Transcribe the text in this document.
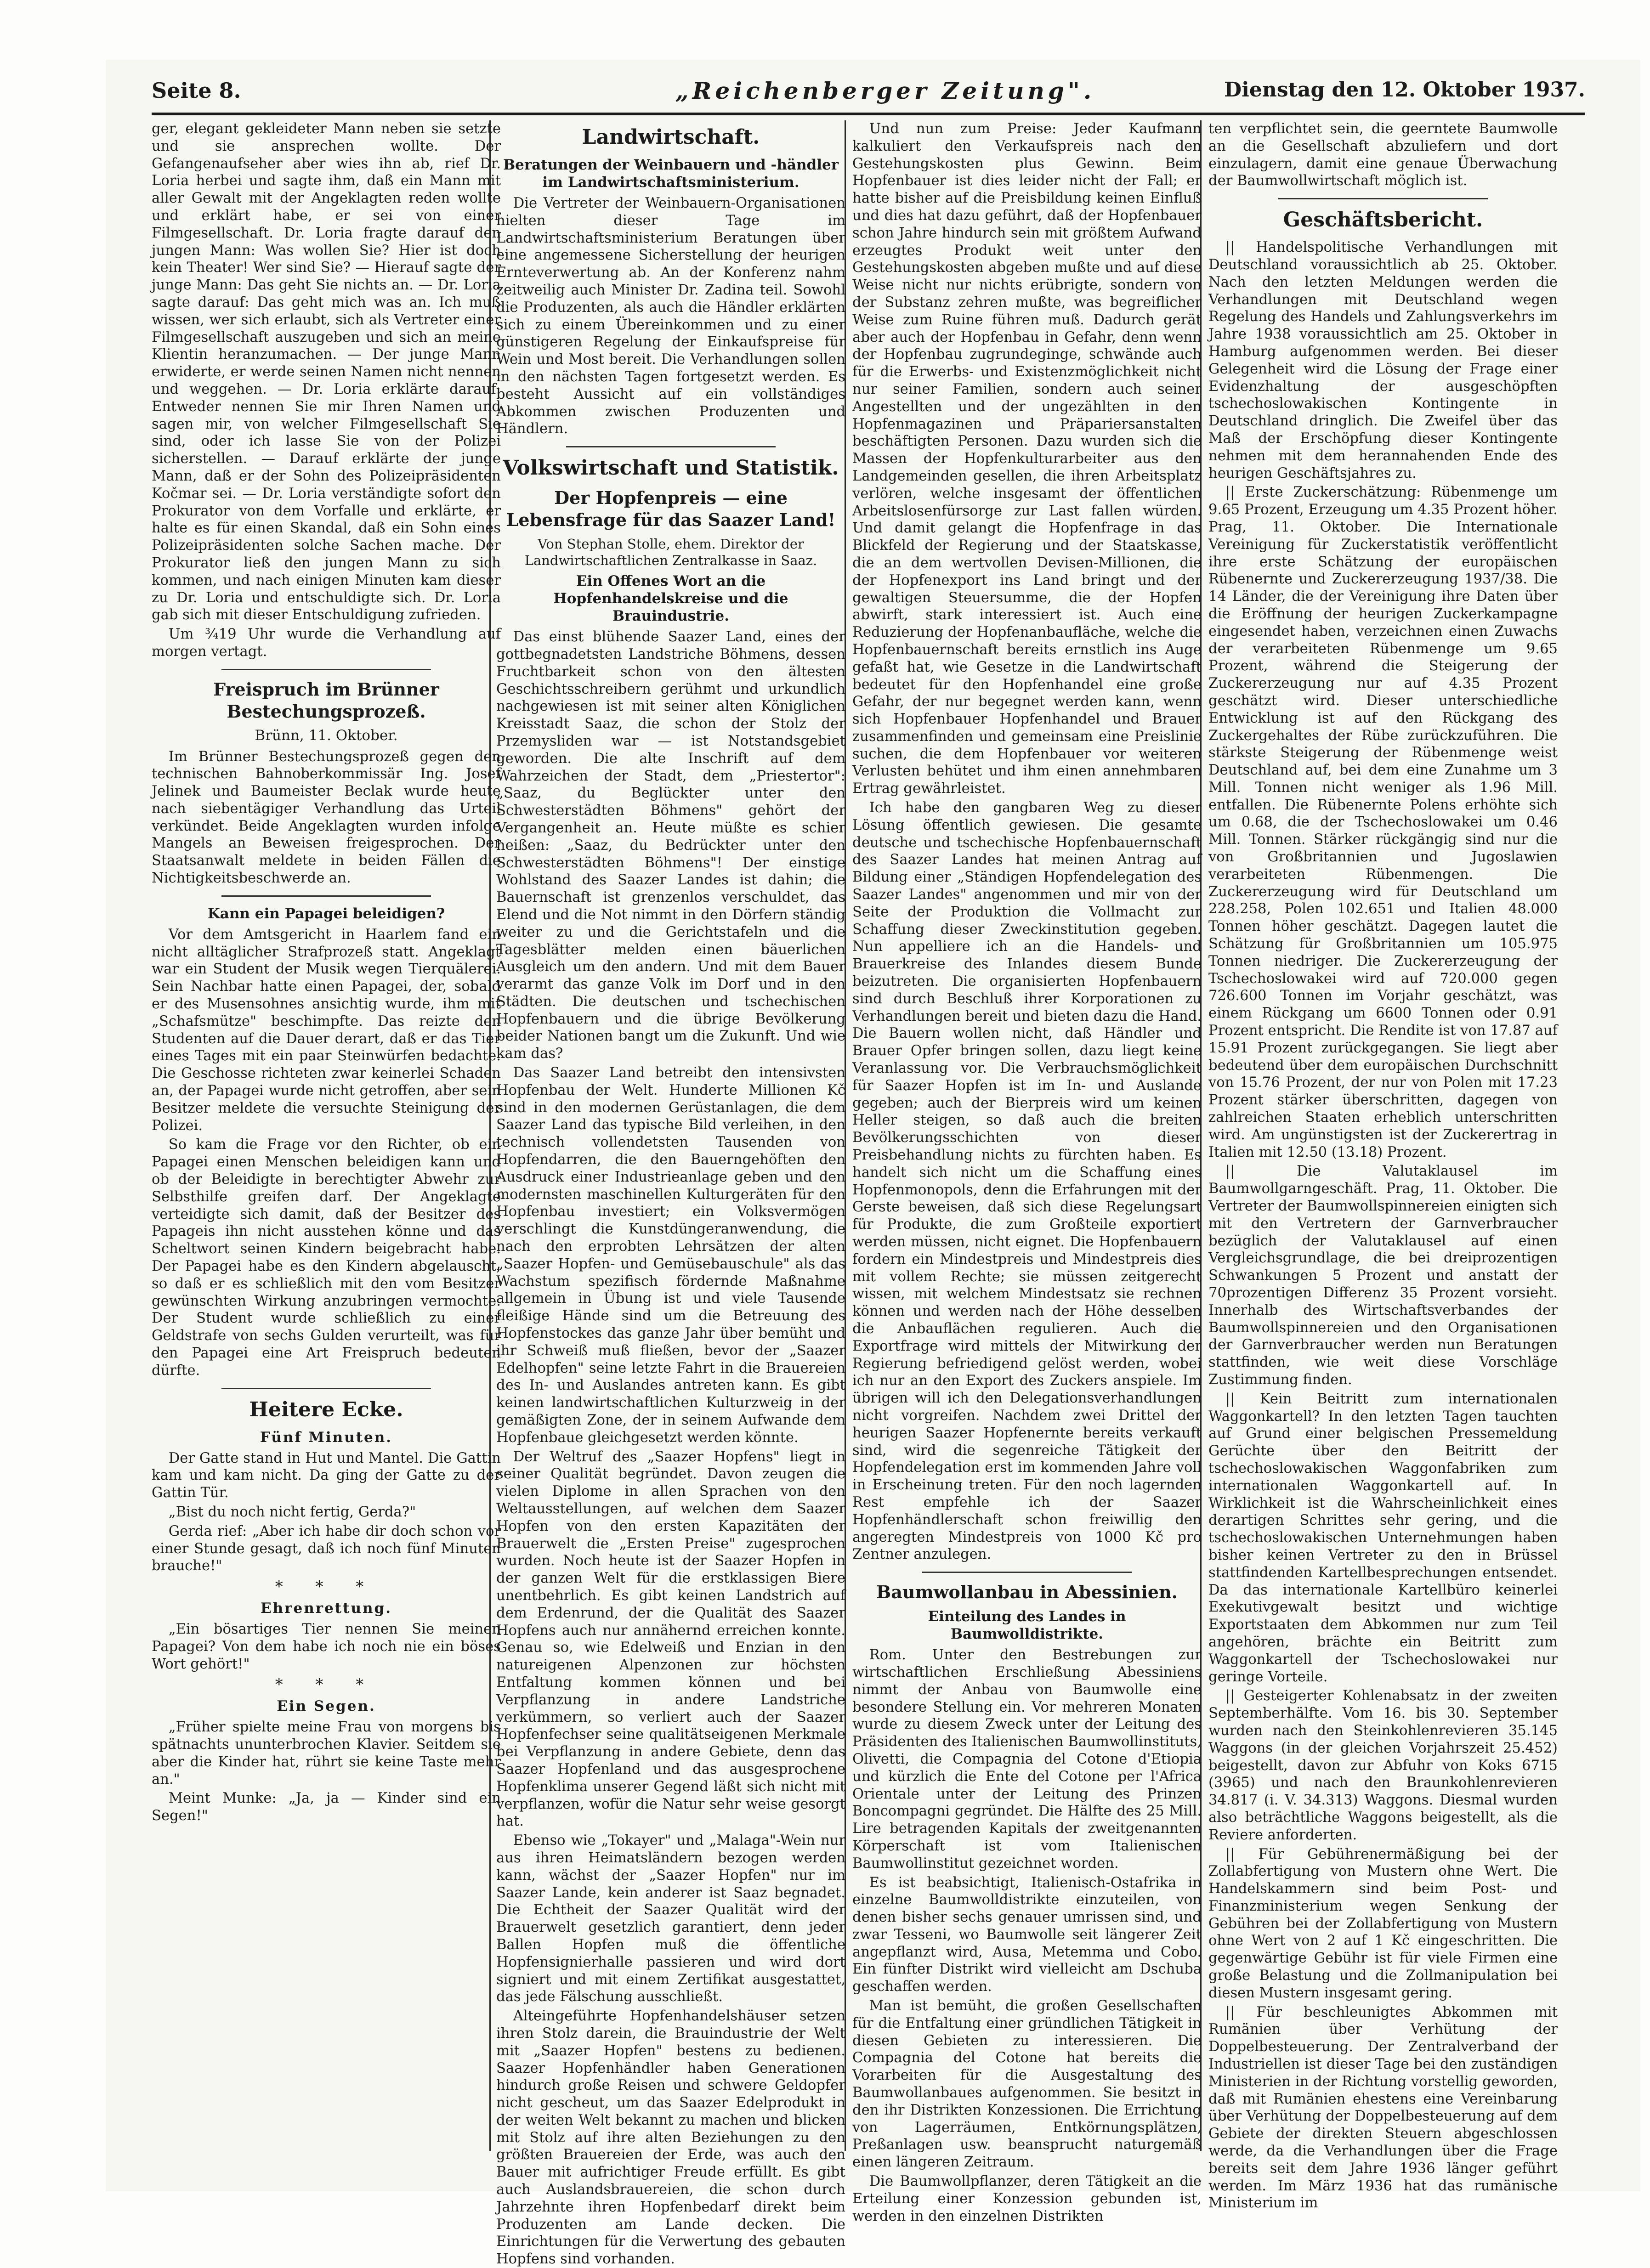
Seite 8.	„Reichenberger Zeitung".	Dienstag den 12. Oktober 1937.

ger, elegant gekleideter Mann neben sie setzte und sie ansprechen wollte. Der Gefangenaufseher aber wies ihn ab, rief Dr. Loria herbei und sagte ihm, daß ein Mann mit aller Gewalt mit der Angeklagten reden wollte und erklärt habe, er sei von einer Filmgesellschaft. Dr. Loria fragte darauf den jungen Mann: Was wollen Sie? Hier ist doch kein Theater! Wer sind Sie? — Hierauf sagte der junge Mann: Das geht Sie nichts an. — Dr. Loria sagte darauf: Das geht mich was an. Ich muß wissen, wer sich erlaubt, sich als Vertreter einer Filmgesellschaft auszugeben und sich an meine Klientin heranzumachen. — Der junge Mann erwiderte, er werde seinen Namen nicht nennen und weggehen. — Dr. Loria erklärte darauf: Entweder nennen Sie mir Ihren Namen und sagen mir, von welcher Filmgesellschaft Sie sind, oder ich lasse Sie von der Polizei sicherstellen. — Darauf erklärte der junge Mann, daß er der Sohn des Polizeipräsidenten Kočmar sei. — Dr. Loria verständigte sofort den Prokurator von dem Vorfalle und erklärte, er halte es für einen Skandal, daß ein Sohn eines Polizeipräsidenten solche Sachen mache. Der Prokurator ließ den jungen Mann zu sich kommen, und nach einigen Minuten kam dieser zu Dr. Loria und entschuldigte sich. Dr. Loria gab sich mit dieser Entschuldigung zufrieden.

Um ¾19 Uhr wurde die Verhandlung auf morgen vertagt.

Freispruch im Brünner Bestechungsprozeß.
Brünn, 11. Oktober.

Im Brünner Bestechungsprozeß gegen den technischen Bahnoberkommissär Ing. Josef Jelinek und Baumeister Beclak wurde heute nach siebentägiger Verhandlung das Urteil verkündet. Beide Angeklagten wurden infolge Mangels an Beweisen freigesprochen. Der Staatsanwalt meldete in beiden Fällen die Nichtigkeitsbeschwerde an.

Kann ein Papagei beleidigen?

Vor dem Amtsgericht in Haarlem fand ein nicht alltäglicher Strafprozeß statt. Angeklagt war ein Student der Musik wegen Tierquälerei. Sein Nachbar hatte einen Papagei, der, sobald er des Musensohnes ansichtig wurde, ihm mit „Schafsmütze" beschimpfte. Das reizte den Studenten auf die Dauer derart, daß er das Tier eines Tages mit ein paar Steinwürfen bedachte. Die Geschosse richteten zwar keinerlei Schaden an, der Papagei wurde nicht getroffen, aber sein Besitzer meldete die versuchte Steinigung der Polizei.

So kam die Frage vor den Richter, ob ein Papagei einen Menschen beleidigen kann und ob der Beleidigte in berechtigter Abwehr zur Selbsthilfe greifen darf. Der Angeklagte verteidigte sich damit, daß der Besitzer des Papageis ihn nicht ausstehen könne und das Scheltwort seinen Kindern beigebracht habe. Der Papagei habe es den Kindern abgelauscht, so daß er es schließlich mit den vom Besitzer gewünschten Wirkung anzubringen vermochte. Der Student wurde schließlich zu einer Geldstrafe von sechs Gulden verurteilt, was für den Papagei eine Art Freispruch bedeuten dürfte.

Heitere Ecke.
Fünf Minuten.

Der Gatte stand in Hut und Mantel. Die Gattin kam und kam nicht. Da ging der Gatte zu der Gattin Tür.

„Bist du noch nicht fertig, Gerda?"

Gerda rief: „Aber ich habe dir doch schon vor einer Stunde gesagt, daß ich noch fünf Minuten brauche!"

* * *
Ehrenrettung.

„Ein bösartiges Tier nennen Sie meinen Papagei? Von dem habe ich noch nie ein böses Wort gehört!"

* * *
Ein Segen.

„Früher spielte meine Frau von morgens bis spätnachts ununterbrochen Klavier. Seitdem sie aber die Kinder hat, rührt sie keine Taste mehr an."

Meint Munke: „Ja, ja — Kinder sind ein Segen!"

Landwirtschaft.
Beratungen der Weinbauern und -händler im Landwirtschaftsministerium.

Die Vertreter der Weinbauern-Organisationen hielten dieser Tage im Landwirtschaftsministerium Beratungen über eine angemessene Sicherstellung der heurigen Ernteverwertung ab. An der Konferenz nahm zeitweilig auch Minister Dr. Zadina teil. Sowohl die Produzenten, als auch die Händler erklärten sich zu einem Übereinkommen und zu einer günstigeren Regelung der Einkaufspreise für Wein und Most bereit. Die Verhandlungen sollen in den nächsten Tagen fortgesetzt werden. Es besteht Aussicht auf ein vollständiges Abkommen zwischen Produzenten und Händlern.

Volkswirtschaft und Statistik.
Der Hopfenpreis — eine Lebensfrage für das Saazer Land!
Von Stephan Stolle, ehem. Direktor der Landwirtschaftlichen Zentralkasse in Saaz.
Ein Offenes Wort an die Hopfenhandelskreise und die Brauindustrie.

Das einst blühende Saazer Land, eines der gottbegnadetsten Landstriche Böhmens, dessen Fruchtbarkeit schon von den ältesten Geschichtsschreibern gerühmt und urkundlich nachgewiesen ist mit seiner alten Königlichen Kreisstadt Saaz, die schon der Stolz der Przemysliden war — ist Notstandsgebiet geworden. Die alte Inschrift auf dem Wahrzeichen der Stadt, dem „Priestertor": „Saaz, du Beglückter unter den Schwesterstädten Böhmens" gehört der Vergangenheit an. Heute müßte es schier heißen: „Saaz, du Bedrückter unter den Schwesterstädten Böhmens"! Der einstige Wohlstand des Saazer Landes ist dahin; die Bauernschaft ist grenzenlos verschuldet, das Elend und die Not nimmt in den Dörfern ständig weiter zu und die Gerichtstafeln und die Tagesblätter melden einen bäuerlichen Ausgleich um den andern. Und mit dem Bauer verarmt das ganze Volk im Dorf und in den Städten. Die deutschen und tschechischen Hopfenbauern und die übrige Bevölkerung beider Nationen bangt um die Zukunft. Und wie kam das?

Das Saazer Land betreibt den intensivsten Hopfenbau der Welt. Hunderte Millionen Kč sind in den modernen Gerüstanlagen, die dem Saazer Land das typische Bild verleihen, in den technisch vollendetsten Tausenden von Hopfendarren, die den Bauerngehöften den Ausdruck einer Industrieanlage geben und den modernsten maschinellen Kulturgeräten für den Hopfenbau investiert; ein Volksvermögen verschlingt die Kunstdüngeranwendung, die nach den erprobten Lehrsätzen der alten „Saazer Hopfen- und Gemüsebauschule" als das Wachstum spezifisch fördernde Maßnahme allgemein in Übung ist und viele Tausende fleißige Hände sind um die Betreuung des Hopfenstockes das ganze Jahr über bemüht und ihr Schweiß muß fließen, bevor der „Saazer Edelhopfen" seine letzte Fahrt in die Brauereien des In- und Auslandes antreten kann. Es gibt keinen landwirtschaftlichen Kulturzweig in der gemäßigten Zone, der in seinem Aufwande dem Hopfenbaue gleichgesetzt werden könnte.

Der Weltruf des „Saazer Hopfens" liegt in seiner Qualität begründet. Davon zeugen die vielen Diplome in allen Sprachen von den Weltausstellungen, auf welchen dem Saazer Hopfen von den ersten Kapazitäten der Brauerwelt die „Ersten Preise" zugesprochen wurden. Noch heute ist der Saazer Hopfen in der ganzen Welt für die erstklassigen Biere unentbehrlich. Es gibt keinen Landstrich auf dem Erdenrund, der die Qualität des Saazer Hopfens auch nur annähernd erreichen konnte. Genau so, wie Edelweiß und Enzian in den natureigenen Alpenzonen zur höchsten Entfaltung kommen können und bei Verpflanzung in andere Landstriche verkümmern, so verliert auch der Saazer Hopfenfechser seine qualitätseigenen Merkmale bei Verpflanzung in andere Gebiete, denn das Saazer Hopfenland und das ausgesprochene Hopfenklima unserer Gegend läßt sich nicht mit verpflanzen, wofür die Natur sehr weise gesorgt hat.

Ebenso wie „Tokayer" und „Malaga"-Wein nur aus ihren Heimatsländern bezogen werden kann, wächst der „Saazer Hopfen" nur im Saazer Lande, kein anderer ist Saaz begnadet. Die Echtheit der Saazer Qualität wird der Brauerwelt gesetzlich garantiert, denn jeder Ballen Hopfen muß die öffentliche Hopfensignierhalle passieren und wird dort signiert und mit einem Zertifikat ausgestattet, das jede Fälschung ausschließt.

Alteingeführte Hopfenhandelshäuser setzen ihren Stolz darein, die Brauindustrie der Welt mit „Saazer Hopfen" bestens zu bedienen. Saazer Hopfenhändler haben Generationen hindurch große Reisen und schwere Geldopfer nicht gescheut, um das Saazer Edelprodukt in der weiten Welt bekannt zu machen und blicken mit Stolz auf ihre alten Beziehungen zu den größten Brauereien der Erde, was auch den Bauer mit aufrichtiger Freude erfüllt. Es gibt auch Auslandsbrauereien, die schon durch Jahrzehnte ihren Hopfenbedarf direkt beim Produzenten am Lande decken. Die Einrichtungen für die Verwertung des gebauten Hopfens sind vorhanden.

Und nun zum Preise: Jeder Kaufmann kalkuliert den Verkaufspreis nach den Gestehungskosten plus Gewinn. Beim Hopfenbauer ist dies leider nicht der Fall; er hatte bisher auf die Preisbildung keinen Einfluß und dies hat dazu geführt, daß der Hopfenbauer schon Jahre hindurch sein mit größtem Aufwand erzeugtes Produkt weit unter den Gestehungskosten abgeben mußte und auf diese Weise nicht nur nichts erübrigte, sondern von der Substanz zehren mußte, was begreiflicher Weise zum Ruine führen muß. Dadurch gerät aber auch der Hopfenbau in Gefahr, denn wenn der Hopfenbau zugrundeginge, schwände auch für die Erwerbs- und Existenzmöglichkeit nicht nur seiner Familien, sondern auch seiner Angestellten und der ungezählten in den Hopfenmagazinen und Präpariersanstalten beschäftigten Personen. Dazu wurden sich die Massen der Hopfenkulturarbeiter aus den Landgemeinden gesellen, die ihren Arbeitsplatz verlören, welche insgesamt der öffentlichen Arbeitslosenfürsorge zur Last fallen würden. Und damit gelangt die Hopfenfrage in das Blickfeld der Regierung und der Staatskasse, die an dem wertvollen Devisen-Millionen, die der Hopfenexport ins Land bringt und der gewaltigen Steuersumme, die der Hopfen abwirft, stark interessiert ist. Auch eine Reduzierung der Hopfenanbaufläche, welche die Hopfenbauernschaft bereits ernstlich ins Auge gefaßt hat, wie Gesetze in die Landwirtschaft bedeutet für den Hopfenhandel eine große Gefahr, der nur begegnet werden kann, wenn sich Hopfenbauer Hopfenhandel und Brauer zusammenfinden und gemeinsam eine Preislinie suchen, die dem Hopfenbauer vor weiteren Verlusten behütet und ihm einen annehmbaren Ertrag gewährleistet.

Ich habe den gangbaren Weg zu dieser Lösung öffentlich gewiesen. Die gesamte deutsche und tschechische Hopfenbauernschaft des Saazer Landes hat meinen Antrag auf Bildung einer „Ständigen Hopfendelegation des Saazer Landes" angenommen und mir von der Seite der Produktion die Vollmacht zur Schaffung dieser Zweckinstitution gegeben. Nun appelliere ich an die Handels- und Brauerkreise des Inlandes diesem Bunde beizutreten. Die organisierten Hopfenbauern sind durch Beschluß ihrer Korporationen zu Verhandlungen bereit und bieten dazu die Hand. Die Bauern wollen nicht, daß Händler und Brauer Opfer bringen sollen, dazu liegt keine Veranlassung vor. Die Verbrauchsmöglichkeit für Saazer Hopfen ist im In- und Auslande gegeben; auch der Bierpreis wird um keinen Heller steigen, so daß auch die breiten Bevölkerungsschichten von dieser Preisbehandlung nichts zu fürchten haben. Es handelt sich nicht um die Schaffung eines Hopfenmonopols, denn die Erfahrungen mit der Gerste beweisen, daß sich diese Regelungsart für Produkte, die zum Großteile exportiert werden müssen, nicht eignet. Die Hopfenbauern fordern ein Mindestpreis und Mindestpreis dies mit vollem Rechte; sie müssen zeitgerecht wissen, mit welchem Mindestsatz sie rechnen können und werden nach der Höhe desselben die Anbauflächen regulieren. Auch die Exportfrage wird mittels der Mitwirkung der Regierung befriedigend gelöst werden, wobei ich nur an den Export des Zuckers anspiele. Im übrigen will ich den Delegationsverhandlungen nicht vorgreifen. Nachdem zwei Drittel der heurigen Saazer Hopfenernte bereits verkauft sind, wird die segenreiche Tätigkeit der Hopfendelegation erst im kommenden Jahre voll in Erscheinung treten. Für den noch lagernden Rest empfehle ich der Saazer Hopfenhändlerschaft schon freiwillig den angeregten Mindestpreis von 1000 Kč pro Zentner anzulegen.

Baumwollanbau in Abessinien.
Einteilung des Landes in Baumwolldistrikte.

Rom. Unter den Bestrebungen zur wirtschaftlichen Erschließung Abessiniens nimmt der Anbau von Baumwolle eine besondere Stellung ein. Vor mehreren Monaten wurde zu diesem Zweck unter der Leitung des Präsidenten des Italienischen Baumwollinstituts, Olivetti, die Compagnia del Cotone d'Etiopia und kürzlich die Ente del Cotone per l'Africa Orientale unter der Leitung des Prinzen Boncompagni gegründet. Die Hälfte des 25 Mill. Lire betragenden Kapitals der zweitgenannten Körperschaft ist vom Italienischen Baumwollinstitut gezeichnet worden.

Es ist beabsichtigt, Italienisch-Ostafrika in einzelne Baumwolldistrikte einzuteilen, von denen bisher sechs genauer umrissen sind, und zwar Tesseni, wo Baumwolle seit längerer Zeit angepflanzt wird, Ausa, Metemma und Cobo. Ein fünfter Distrikt wird vielleicht am Dschuba geschaffen werden.

Man ist bemüht, die großen Gesellschaften für die Entfaltung einer gründlichen Tätigkeit in diesen Gebieten zu interessieren. Die Compagnia del Cotone hat bereits die Vorarbeiten für die Ausgestaltung des Baumwollanbaues aufgenommen. Sie besitzt in den ihr Distrikten Konzessionen. Die Errichtung von Lagerräumen, Entkörnungsplätzen, Preßanlagen usw. beansprucht naturgemäß einen längeren Zeitraum.

Die Baumwollpflanzer, deren Tätigkeit an die Erteilung einer Konzession gebunden ist, werden in den einzelnen Distrikten

ten verpflichtet sein, die geerntete Baumwolle an die Gesellschaft abzuliefern und dort einzulagern, damit eine genaue Überwachung der Baumwollwirtschaft möglich ist.

Geschäftsbericht.

|| Handelspolitische Verhandlungen mit Deutschland voraussichtlich ab 25. Oktober. Nach den letzten Meldungen werden die Verhandlungen mit Deutschland wegen Regelung des Handels und Zahlungsverkehrs im Jahre 1938 voraussichtlich am 25. Oktober in Hamburg aufgenommen werden. Bei dieser Gelegenheit wird die Lösung der Frage einer Evidenzhaltung der ausgeschöpften tschechoslowakischen Kontingente in Deutschland dringlich. Die Zweifel über das Maß der Erschöpfung dieser Kontingente nehmen mit dem herannahenden Ende des heurigen Geschäftsjahres zu.

|| Erste Zuckerschätzung: Rübenmenge um 9.65 Prozent, Erzeugung um 4.35 Prozent höher. Prag, 11. Oktober. Die Internationale Vereinigung für Zuckerstatistik veröffentlicht ihre erste Schätzung der europäischen Rübenernte und Zuckererzeugung 1937/38. Die 14 Länder, die der Vereinigung ihre Daten über die Eröffnung der heurigen Zuckerkampagne eingesendet haben, verzeichnen einen Zuwachs der verarbeiteten Rübenmenge um 9.65 Prozent, während die Steigerung der Zuckererzeugung nur auf 4.35 Prozent geschätzt wird. Dieser unterschiedliche Entwicklung ist auf den Rückgang des Zuckergehaltes der Rübe zurückzuführen. Die stärkste Steigerung der Rübenmenge weist Deutschland auf, bei dem eine Zunahme um 3 Mill. Tonnen nicht weniger als 1.96 Mill. entfallen. Die Rübenernte Polens erhöhte sich um 0.68, die der Tschechoslowakei um 0.46 Mill. Tonnen. Stärker rückgängig sind nur die von Großbritannien und Jugoslawien verarbeiteten Rübenmengen. Die Zuckererzeugung wird für Deutschland um 228.258, Polen 102.651 und Italien 48.000 Tonnen höher geschätzt. Dagegen lautet die Schätzung für Großbritannien um 105.975 Tonnen niedriger. Die Zuckererzeugung der Tschechoslowakei wird auf 720.000 gegen 726.600 Tonnen im Vorjahr geschätzt, was einem Rückgang um 6600 Tonnen oder 0.91 Prozent entspricht. Die Rendite ist von 17.87 auf 15.91 Prozent zurückgegangen. Sie liegt aber bedeutend über dem europäischen Durchschnitt von 15.76 Prozent, der nur von Polen mit 17.23 Prozent stärker überschritten, dagegen von zahlreichen Staaten erheblich unterschritten wird. Am ungünstigsten ist der Zuckerertrag in Italien mit 12.50 (13.18) Prozent.

|| Die Valutaklausel im Baumwollgarngeschäft. Prag, 11. Oktober. Die Vertreter der Baumwollspinnereien einigten sich mit den Vertretern der Garnverbraucher bezüglich der Valutaklausel auf einen Vergleichsgrundlage, die bei dreiprozentigen Schwankungen 5 Prozent und anstatt der 70prozentigen Differenz 35 Prozent vorsieht. Innerhalb des Wirtschaftsverbandes der Baumwollspinnereien und den Organisationen der Garnverbraucher werden nun Beratungen stattfinden, wie weit diese Vorschläge Zustimmung finden.

|| Kein Beitritt zum internationalen Waggonkartell? In den letzten Tagen tauchten auf Grund einer belgischen Pressemeldung Gerüchte über den Beitritt der tschechoslowakischen Waggonfabriken zum internationalen Waggonkartell auf. In Wirklichkeit ist die Wahrscheinlichkeit eines derartigen Schrittes sehr gering, und die tschechoslowakischen Unternehmungen haben bisher keinen Vertreter zu den in Brüssel stattfindenden Kartellbesprechungen entsendet. Da das internationale Kartellbüro keinerlei Exekutivgewalt besitzt und wichtige Exportstaaten dem Abkommen nur zum Teil angehören, brächte ein Beitritt zum Waggonkartell der Tschechoslowakei nur geringe Vorteile.

|| Gesteigerter Kohlenabsatz in der zweiten Septemberhälfte. Vom 16. bis 30. September wurden nach den Steinkohlenrevieren 35.145 Waggons (in der gleichen Vorjahrszeit 25.452) beigestellt, davon zur Abfuhr von Koks 6715 (3965) und nach den Braunkohlenrevieren 34.817 (i. V. 34.313) Waggons. Diesmal wurden also beträchtliche Waggons beigestellt, als die Reviere anforderten.

|| Für Gebührenermäßigung bei der Zollabfertigung von Mustern ohne Wert. Die Handelskammern sind beim Post- und Finanzministerium wegen Senkung der Gebühren bei der Zollabfertigung von Mustern ohne Wert von 2 auf 1 Kč eingeschritten. Die gegenwärtige Gebühr ist für viele Firmen eine große Belastung und die Zollmanipulation bei diesen Mustern insgesamt gering.

|| Für beschleunigtes Abkommen mit Rumänien über Verhütung der Doppelbesteuerung. Der Zentralverband der Industriellen ist dieser Tage bei den zuständigen Ministerien in der Richtung vorstellig geworden, daß mit Rumänien ehestens eine Vereinbarung über Verhütung der Doppelbesteuerung auf dem Gebiete der direkten Steuern abgeschlossen werde, da die Verhandlungen über die Frage bereits seit dem Jahre 1936 länger geführt werden. Im März 1936 hat das rumänische Ministerium im
